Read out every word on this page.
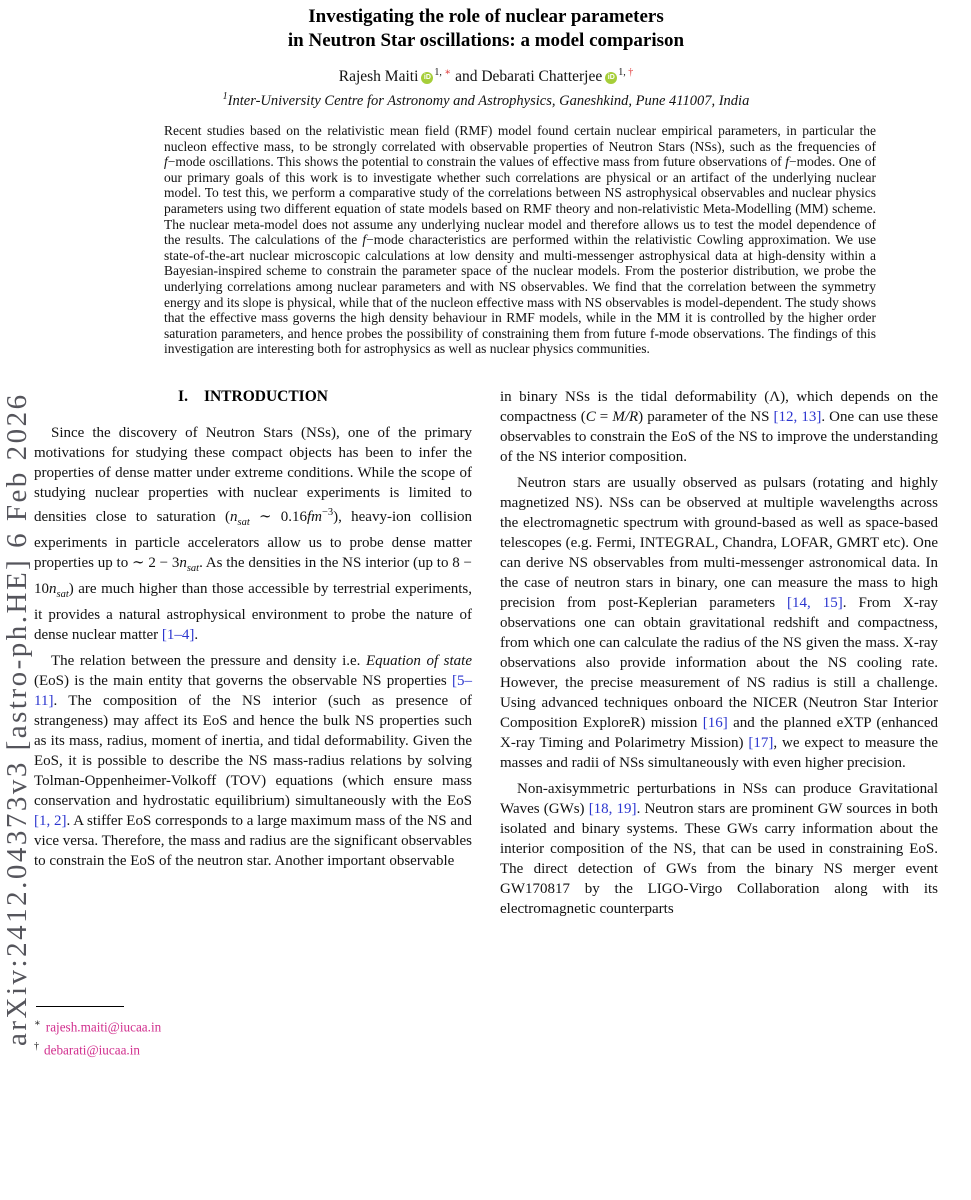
arXiv:2412.04373v3 [astro-ph.HE] 6 Feb 2026
Investigating the role of nuclear parameters
in Neutron Star oscillations: a model comparison
Rajesh Maiti iD $^{1, ∗}$ and Debarati Chatterjee iD $^{1, \dagger}$
$^1$Inter-University Centre for Astronomy and Astrophysics, Ganeshkind, Pune 411007, India
Recent studies based on the relativistic mean field (RMF) model found certain nuclear empirical parameters, in particular the nucleon effective mass, to be strongly correlated with observable properties of Neutron Stars (NSs), such as the frequencies of f−mode oscillations. This shows the potential to constrain the values of effective mass from future observations of f−modes. One of our primary goals of this work is to investigate whether such correlations are physical or an artifact of the underlying nuclear model. To test this, we perform a comparative study of the correlations between NS astrophysical observables and nuclear physics parameters using two different equation of state models based on RMF theory and non-relativistic Meta-Modelling (MM) scheme. The nuclear meta-model does not assume any underlying nuclear model and therefore allows us to test the model dependence of the results. The calculations of the f−mode characteristics are performed within the relativistic Cowling approximation. We use state-of-the-art nuclear microscopic calculations at low density and multi-messenger astrophysical data at high-density within a Bayesian-inspired scheme to constrain the parameter space of the nuclear models. From the posterior distribution, we probe the underlying correlations among nuclear parameters and with NS observables. We find that the correlation between the symmetry energy and its slope is physical, while that of the nucleon effective mass with NS observables is model-dependent. The study shows that the effective mass governs the high density behaviour in RMF models, while in the MM it is controlled by the higher order saturation parameters, and hence probes the possibility of constraining them from future f-mode observations. The findings of this investigation are interesting both for astrophysics as well as nuclear physics communities.
I. INTRODUCTION

Since the discovery of Neutron Stars (NSs), one of the primary motivations for studying these compact objects has been to infer the properties of dense matter under extreme conditions. While the scope of studying nuclear properties with nuclear experiments is limited to densities close to saturation ($n_{sat}$ ∼ $0.16fm^{-3}$), heavy-ion collision experiments in particle accelerators allow us to probe dense matter properties up to ∼ $2 - 3n_{sat}$. As the densities in the NS interior (up to $8 - 10n_{sat}$) are much higher than those accessible by terrestrial experiments, it provides a natural astrophysical environment to probe the nature of dense nuclear matter [1–4].

The relation between the pressure and density i.e. Equation of state (EoS) is the main entity that governs the observable NS properties [5–11]. The composition of the NS interior (such as presence of strangeness) may affect its EoS and hence the bulk NS properties such as its mass, radius, moment of inertia, and tidal deformability. Given the EoS, it is possible to describe the NS mass-radius relations by solving Tolman-Oppenheimer-Volkoff (TOV) equations (which ensure mass conservation and hydrostatic equilibrium) simultaneously with the EoS [1, 2]. A stiffer EoS corresponds to a large maximum mass of the NS and vice versa. Therefore, the mass and radius are the significant observables to constrain the EoS of the neutron star. Another important observable

in binary NSs is the tidal deformability (Λ), which depends on the compactness (C = M/R) parameter of the NS [12, 13]. One can use these observables to constrain the EoS of the NS to improve the understanding of the NS interior composition.

Neutron stars are usually observed as pulsars (rotating and highly magnetized NS). NSs can be observed at multiple wavelengths across the electromagnetic spectrum with ground-based as well as space-based telescopes (e.g. Fermi, INTEGRAL, Chandra, LOFAR, GMRT etc). One can derive NS observables from multi-messenger astronomical data. In the case of neutron stars in binary, one can measure the mass to high precision from post-Keplerian parameters [14, 15]. From X-ray observations one can obtain gravitational redshift and compactness, from which one can calculate the radius of the NS given the mass. X-ray observations also provide information about the NS cooling rate. However, the precise measurement of NS radius is still a challenge. Using advanced techniques onboard the NICER (Neutron Star Interior Composition ExploreR) mission [16] and the planned eXTP (enhanced X-ray Timing and Polarimetry Mission) [17], we expect to measure the masses and radii of NSs simultaneously with even higher precision.

Non-axisymmetric perturbations in NSs can produce Gravitational Waves (GWs) [18, 19]. Neutron stars are prominent GW sources in both isolated and binary systems. These GWs carry information about the interior composition of the NS, that can be used in constraining EoS. The direct detection of GWs from the binary NS merger event GW170817 by the LIGO-Virgo Collaboration along with its electromagnetic counterparts

∗ rajesh.maiti@iucaa.in
† debarati@iucaa.in
